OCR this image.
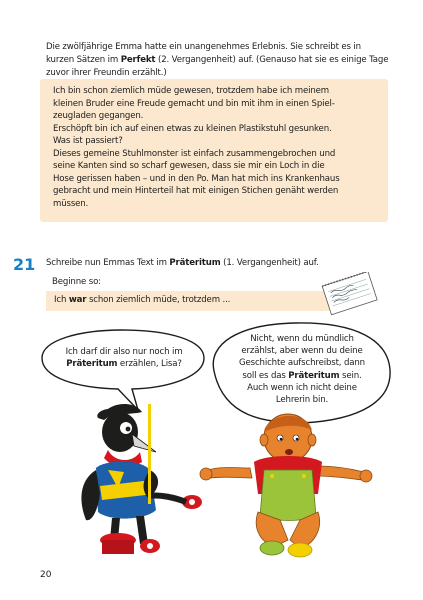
Die zwölfjährige Emma hatte ein unangenehmes Erlebnis. Sie schreibt es in kurzen Sätzen im Perfekt (2. Vergangenheit) auf. (Genauso hat sie es einige Tage zuvor ihrer Freundin erzählt.)

Ich bin schon ziemlich müde gewesen, trotzdem habe ich meinem

kleinen Bruder eine Freude gemacht und bin mit ihm in einen Spiel-

zeugladen gegangen.

Erschöpft bin ich auf einen etwas zu kleinen Plastikstuhl gesunken.

Was ist passiert?

Dieses gemeine Stuhlmonster ist einfach zusammengebrochen und

seine Kanten sind so scharf gewesen, dass sie mir ein Loch in die

Hose gerissen haben – und in den Po. Man hat mich ins Krankenhaus

gebracht und mein Hinterteil hat mit einigen Stichen genäht werden

müssen.

21 Schreibe nun Emmas Text im Präteritum (1. Vergangenheit) auf.
Beginne so:
Ich war schon ziemlich müde, trotzdem ...
Ich darf dir also nur noch im
Präteritum erzählen, Lisa?
Nicht, wenn du mündlich
erzählst, aber wenn du deine
Geschichte aufschreibst, dann
soll es das Präteritum sein.
Auch wenn ich nicht deine
Lehrerin bin.
20
